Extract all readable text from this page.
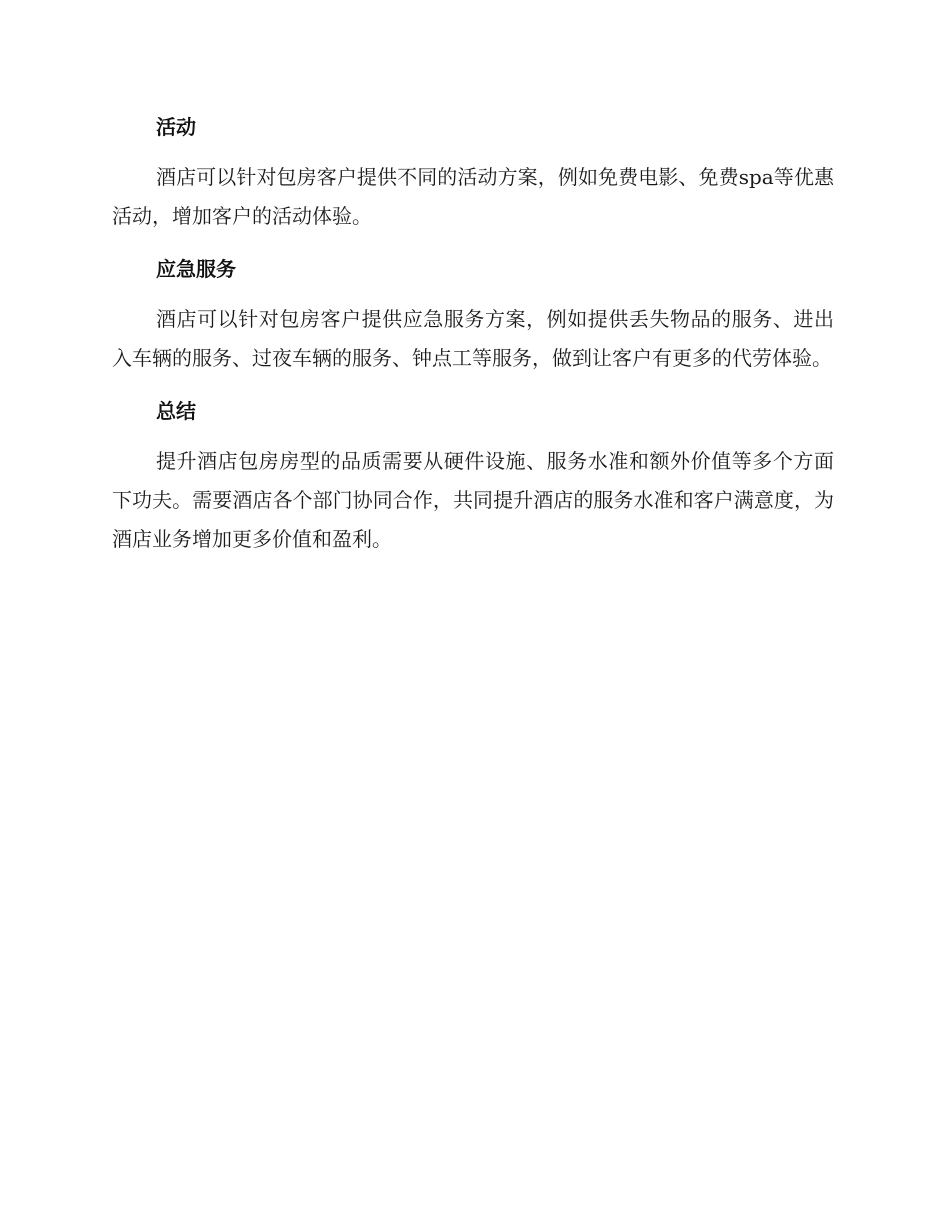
活动

酒店可以针对包房客户提供不同的活动方案，例如免费电影、免费spa等优惠活动，增加客户的活动体验。

应急服务

酒店可以针对包房客户提供应急服务方案，例如提供丢失物品的服务、进出入车辆的服务、过夜车辆的服务、钟点工等服务，做到让客户有更多的代劳体验。

总结

提升酒店包房房型的品质需要从硬件设施、服务水准和额外价值等多个方面下功夫。需要酒店各个部门协同合作，共同提升酒店的服务水准和客户满意度，为酒店业务增加更多价值和盈利。
